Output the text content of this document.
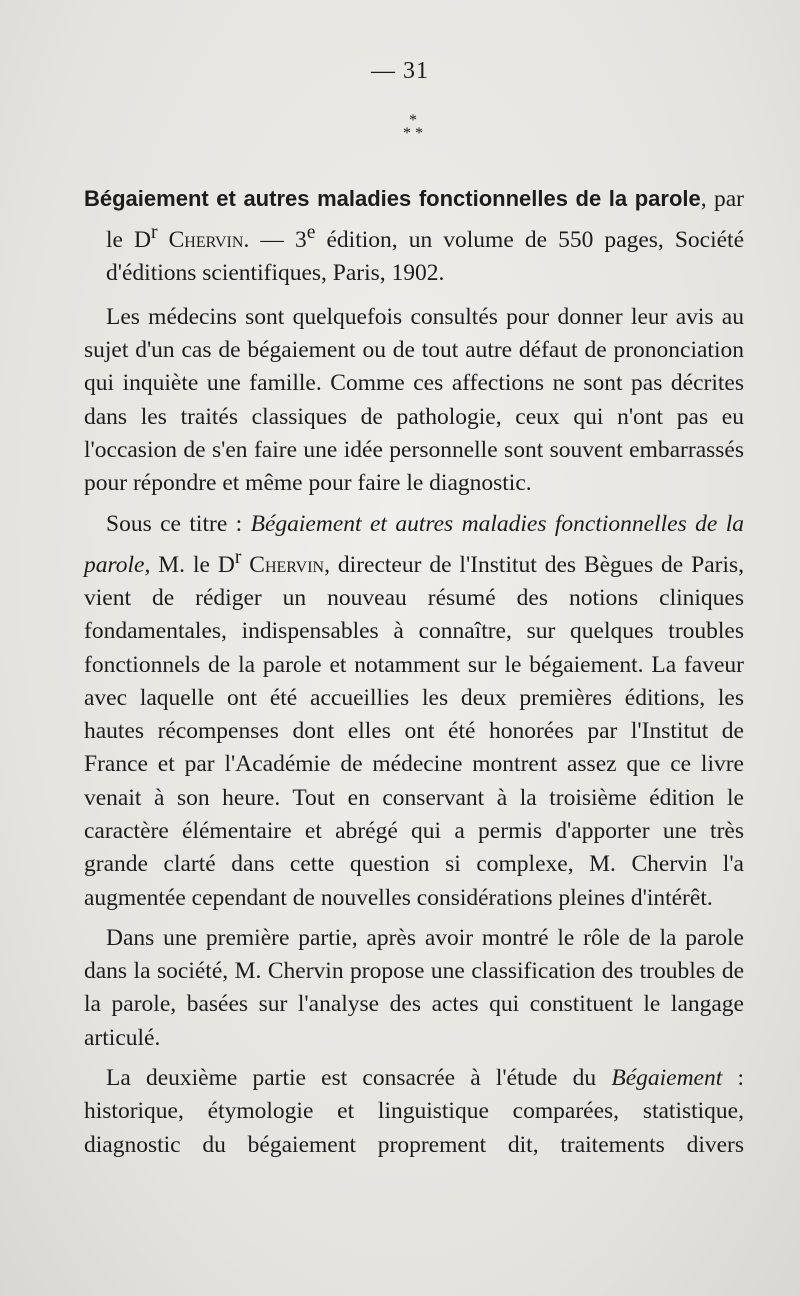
— 31
*
* *

Bégaiement et autres maladies fonctionnelles de la parole, par le $D^r$ Chervin. — 3e édition, un volume de 550 pages, Société d'éditions scientifiques, Paris, 1902.

Les médecins sont quelquefois consultés pour donner leur avis au sujet d'un cas de bégaiement ou de tout autre défaut de prononciation qui inquiète une famille. Comme ces affections ne sont pas décrites dans les traités classiques de pathologie, ceux qui n'ont pas eu l'occasion de s'en faire une idée personnelle sont souvent embarrassés pour répondre et même pour faire le diagnostic.

Sous ce titre : Bégaiement et autres maladies fonctionnelles de la parole, M. le $D^r$ Chervin, directeur de l'Institut des Bègues de Paris, vient de rédiger un nouveau résumé des notions cliniques fondamentales, indispensables à connaître, sur quelques troubles fonctionnels de la parole et notamment sur le bégaiement. La faveur avec laquelle ont été accueillies les deux premières éditions, les hautes récompenses dont elles ont été honorées par l'Institut de France et par l'Académie de médecine montrent assez que ce livre venait à son heure. Tout en conservant à la troisième édition le caractère élémentaire et abrégé qui a permis d'apporter une très grande clarté dans cette question si complexe, M. Chervin l'a augmentée cependant de nouvelles considérations pleines d'intérêt.

Dans une première partie, après avoir montré le rôle de la parole dans la société, M. Chervin propose une classification des troubles de la parole, basées sur l'analyse des actes qui constituent le langage articulé.

La deuxième partie est consacrée à l'étude du Bégaiement : historique, étymologie et linguistique comparées, statistique, diagnostic du bégaiement proprement dit, traitements divers
